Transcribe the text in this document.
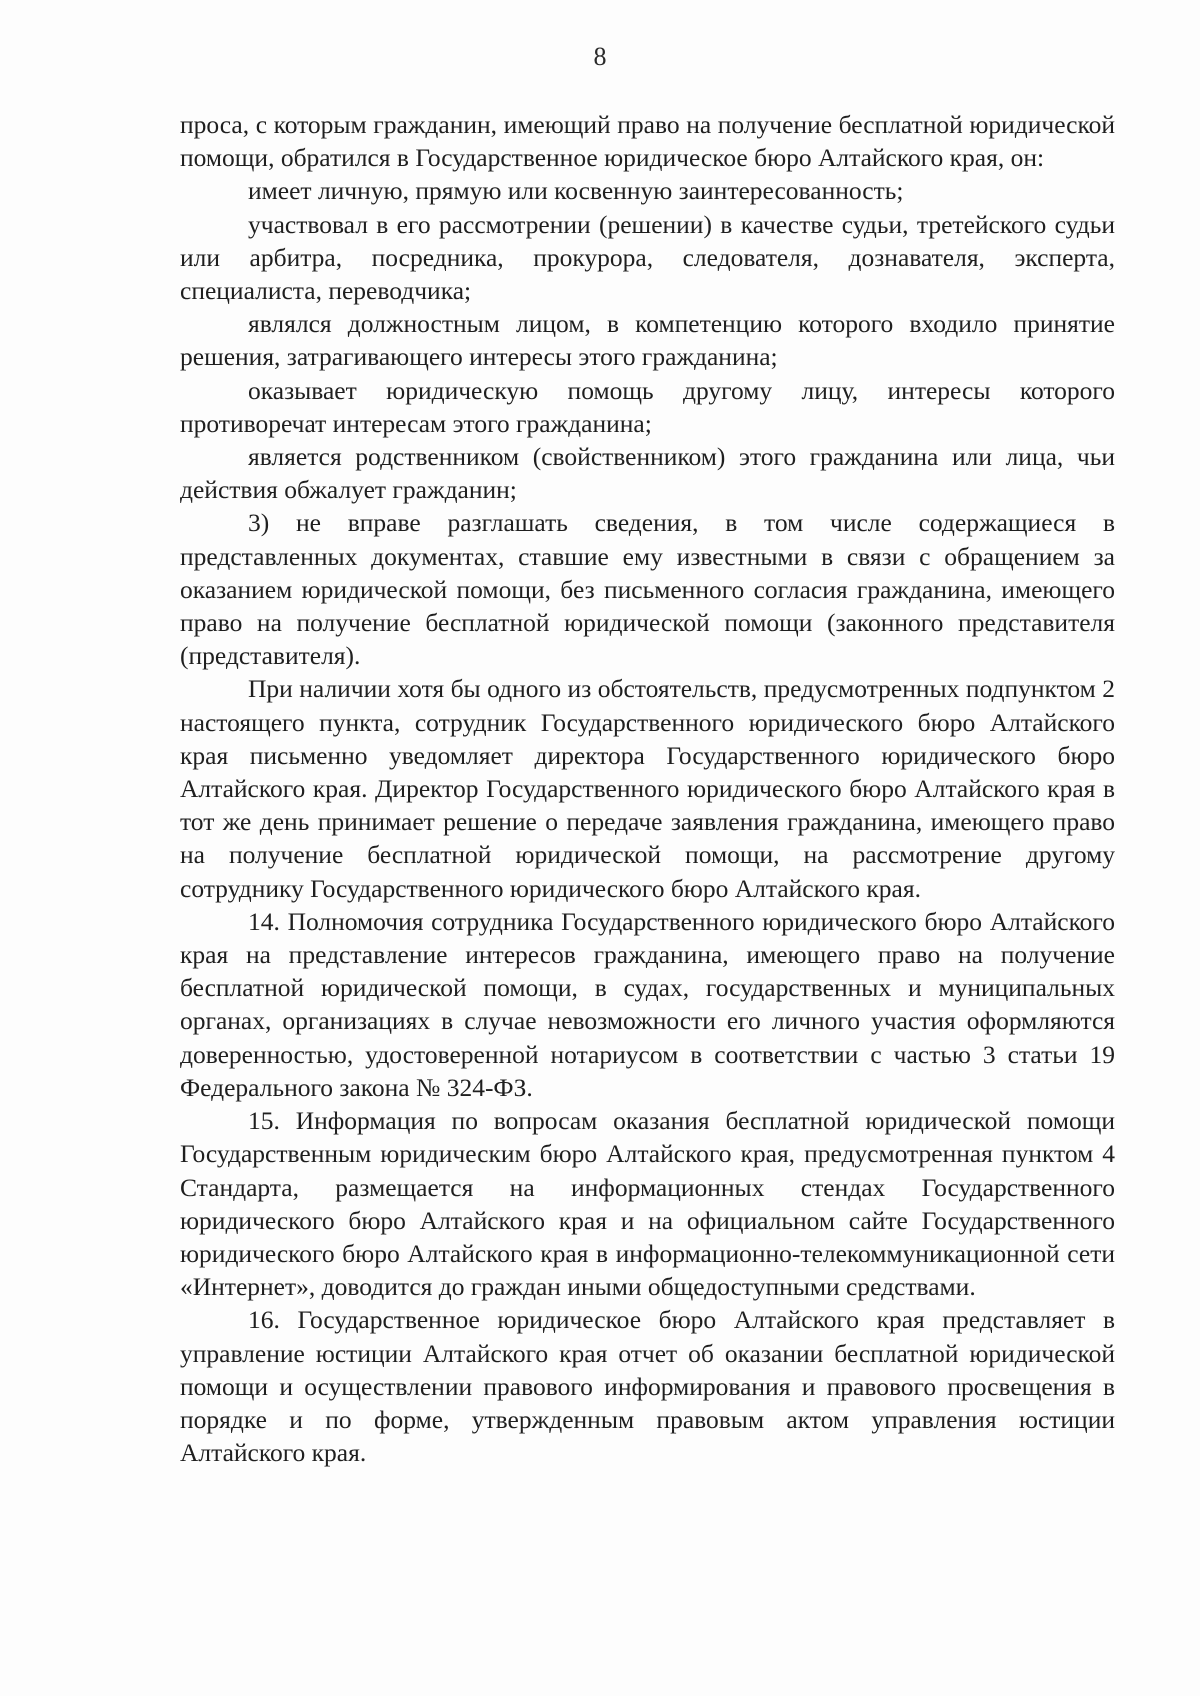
8

проса, с которым гражданин, имеющий право на получение бесплатной юридической помощи, обратился в Государственное юридическое бюро Алтайского края, он:

имеет личную, прямую или косвенную заинтересованность;

участвовал в его рассмотрении (решении) в качестве судьи, третейского судьи или арбитра, посредника, прокурора, следователя, дознавателя, эксперта, специалиста, переводчика;

являлся должностным лицом, в компетенцию которого входило принятие решения, затрагивающего интересы этого гражданина;

оказывает юридическую помощь другому лицу, интересы которого противоречат интересам этого гражданина;

является родственником (свойственником) этого гражданина или лица, чьи действия обжалует гражданин;

3) не вправе разглашать сведения, в том числе содержащиеся в представленных документах, ставшие ему известными в связи с обращением за оказанием юридической помощи, без письменного согласия гражданина, имеющего право на получение бесплатной юридической помощи (законного представителя (представителя).

При наличии хотя бы одного из обстоятельств, предусмотренных подпунктом 2 настоящего пункта, сотрудник Государственного юридического бюро Алтайского края письменно уведомляет директора Государственного юридического бюро Алтайского края. Директор Государственного юридического бюро Алтайского края в тот же день принимает решение о передаче заявления гражданина, имеющего право на получение бесплатной юридической помощи, на рассмотрение другому сотруднику Государственного юридического бюро Алтайского края.

14. Полномочия сотрудника Государственного юридического бюро Алтайского края на представление интересов гражданина, имеющего право на получение бесплатной юридической помощи, в судах, государственных и муниципальных органах, организациях в случае невозможности его личного участия оформляются доверенностью, удостоверенной нотариусом в соответствии с частью 3 статьи 19 Федерального закона № 324-ФЗ.

15. Информация по вопросам оказания бесплатной юридической помощи Государственным юридическим бюро Алтайского края, предусмотренная пунктом 4 Стандарта, размещается на информационных стендах Государственного юридического бюро Алтайского края и на официальном сайте Государственного юридического бюро Алтайского края в информационно-телекоммуникационной сети «Интернет», доводится до граждан иными общедоступными средствами.

16. Государственное юридическое бюро Алтайского края представляет в управление юстиции Алтайского края отчет об оказании бесплатной юридической помощи и осуществлении правового информирования и правового просвещения в порядке и по форме, утвержденным правовым актом управления юстиции Алтайского края.
